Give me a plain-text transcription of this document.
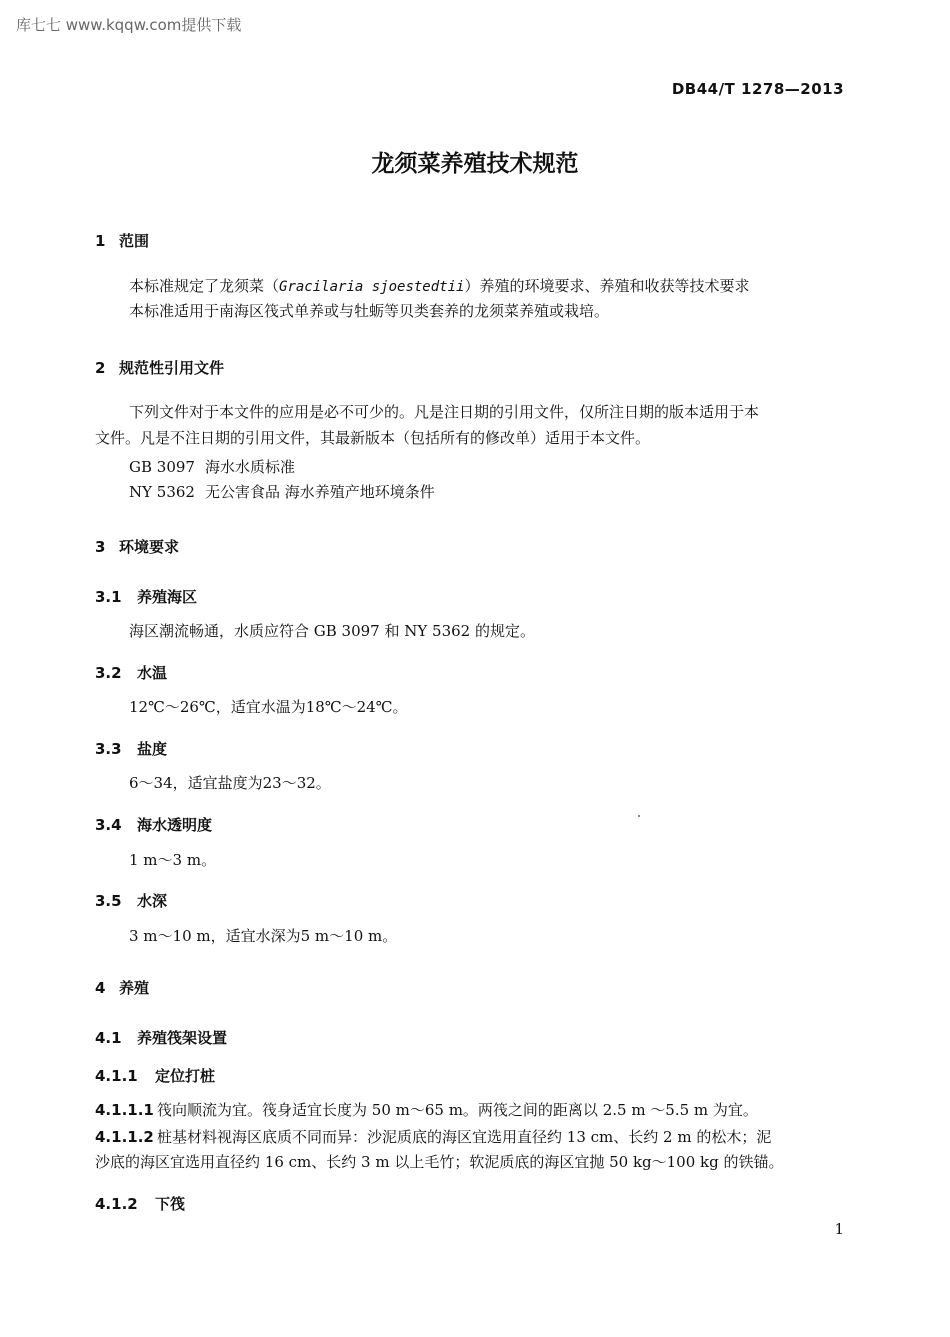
库七七 www.kqqw.com提供下载
DB44/T 1278—2013
龙须菜养殖技术规范
1 范围
本标准规定了龙须菜（Gracilaria sjoestedtii）养殖的环境要求、养殖和收获等技术要求
本标准适用于南海区筏式单养或与牡蛎等贝类套养的龙须菜养殖或栽培。
2 规范性引用文件
下列文件对于本文件的应用是必不可少的。凡是注日期的引用文件，仅所注日期的版本适用于本
文件。凡是不注日期的引用文件，其最新版本（包括所有的修改单）适用于本文件。
GB 3097 海水水质标准
NY 5362 无公害食品 海水养殖产地环境条件
3 环境要求
3.1 养殖海区
海区潮流畅通，水质应符合 GB 3097 和 NY 5362 的规定。
3.2 水温
12℃～26℃，适宜水温为18℃～24℃。
3.3 盐度
6～34，适宜盐度为23～32。
3.4 海水透明度
1 m～3 m。
3.5 水深
3 m～10 m，适宜水深为5 m～10 m。
4 养殖
4.1 养殖筏架设置
4.1.1 定位打桩
4.1.1.1 筏向顺流为宜。筏身适宜长度为 50 m～65 m。两筏之间的距离以 2.5 m ～5.5 m 为宜。
4.1.1.2 桩基材料视海区底质不同而异：沙泥质底的海区宜选用直径约 13 cm、长约 2 m 的松木；泥
沙底的海区宜选用直径约 16 cm、长约 3 m 以上毛竹；软泥质底的海区宜抛 50 kg～100 kg 的铁锚。
4.1.2 下筏
1
